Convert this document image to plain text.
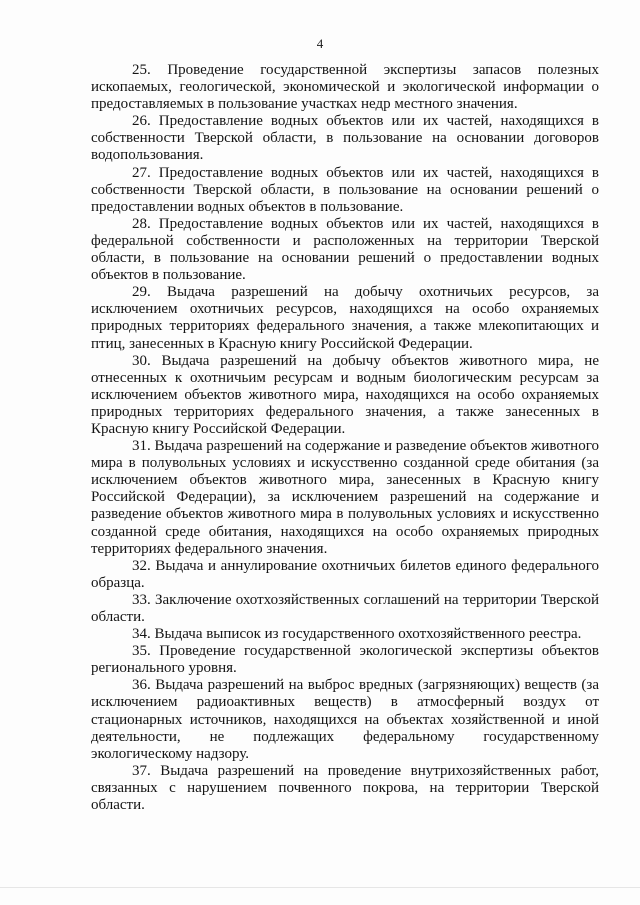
4

25. Проведение государственной экспертизы запасов полезных ископаемых, геологической, экономической и экологической информации о предоставляемых в пользование участках недр местного значения.

26. Предоставление водных объектов или их частей, находящихся в собственности Тверской области, в пользование на основании договоров водопользования.

27. Предоставление водных объектов или их частей, находящихся в собственности Тверской области, в пользование на основании решений о предоставлении водных объектов в пользование.

28. Предоставление водных объектов или их частей, находящихся в федеральной собственности и расположенных на территории Тверской области, в пользование на основании решений о предоставлении водных объектов в пользование.

29. Выдача разрешений на добычу охотничьих ресурсов, за исключением охотничьих ресурсов, находящихся на особо охраняемых природных территориях федерального значения, а также млекопитающих и птиц, занесенных в Красную книгу Российской Федерации.

30. Выдача разрешений на добычу объектов животного мира, не отнесенных к охотничьим ресурсам и водным биологическим ресурсам за исключением объектов животного мира, находящихся на особо охраняемых природных территориях федерального значения, а также занесенных в Красную книгу Российской Федерации.

31. Выдача разрешений на содержание и разведение объектов животного мира в полувольных условиях и искусственно созданной среде обитания (за исключением объектов животного мира, занесенных в Красную книгу Российской Федерации), за исключением разрешений на содержание и разведение объектов животного мира в полувольных условиях и искусственно созданной среде обитания, находящихся на особо охраняемых природных территориях федерального значения.

32. Выдача и аннулирование охотничьих билетов единого федерального образца.

33. Заключение охотхозяйственных соглашений на территории Тверской области.

34. Выдача выписок из государственного охотхозяйственного реестра.

35. Проведение государственной экологической экспертизы объектов регионального уровня.

36. Выдача разрешений на выброс вредных (загрязняющих) веществ (за исключением радиоактивных веществ) в атмосферный воздух от стационарных источников, находящихся на объектах хозяйственной и иной деятельности, не подлежащих федеральному государственному экологическому надзору.

37. Выдача разрешений на проведение внутрихозяйственных работ, связанных с нарушением почвенного покрова, на территории Тверской области.
